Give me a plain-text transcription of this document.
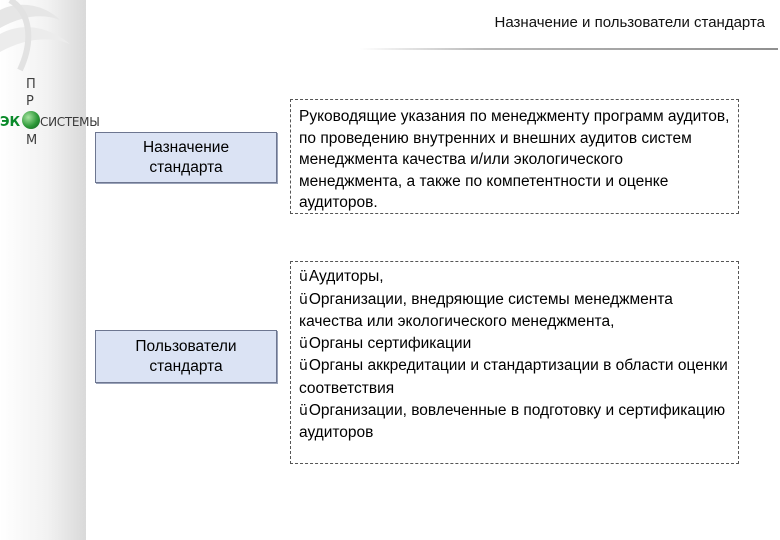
П
Р
ЭК СИСТЕМЫ
М
Назначение и пользователи стандарта
Назначение
стандарта
Руководящие указания по менеджменту программ аудитов, по проведению внутренних и внешних аудитов систем менеджмента качества и/или экологического менеджмента, а также по компетентности и оценке аудиторов.
Пользователи
стандарта

üАудиторы,

üОрганизации, внедряющие системы менеджмента качества или экологического менеджмента,

üОрганы сертификации

üОрганы аккредитации и стандартизации в области оценки соответствия

üОрганизации, вовлеченные в подготовку и сертификацию аудиторов
